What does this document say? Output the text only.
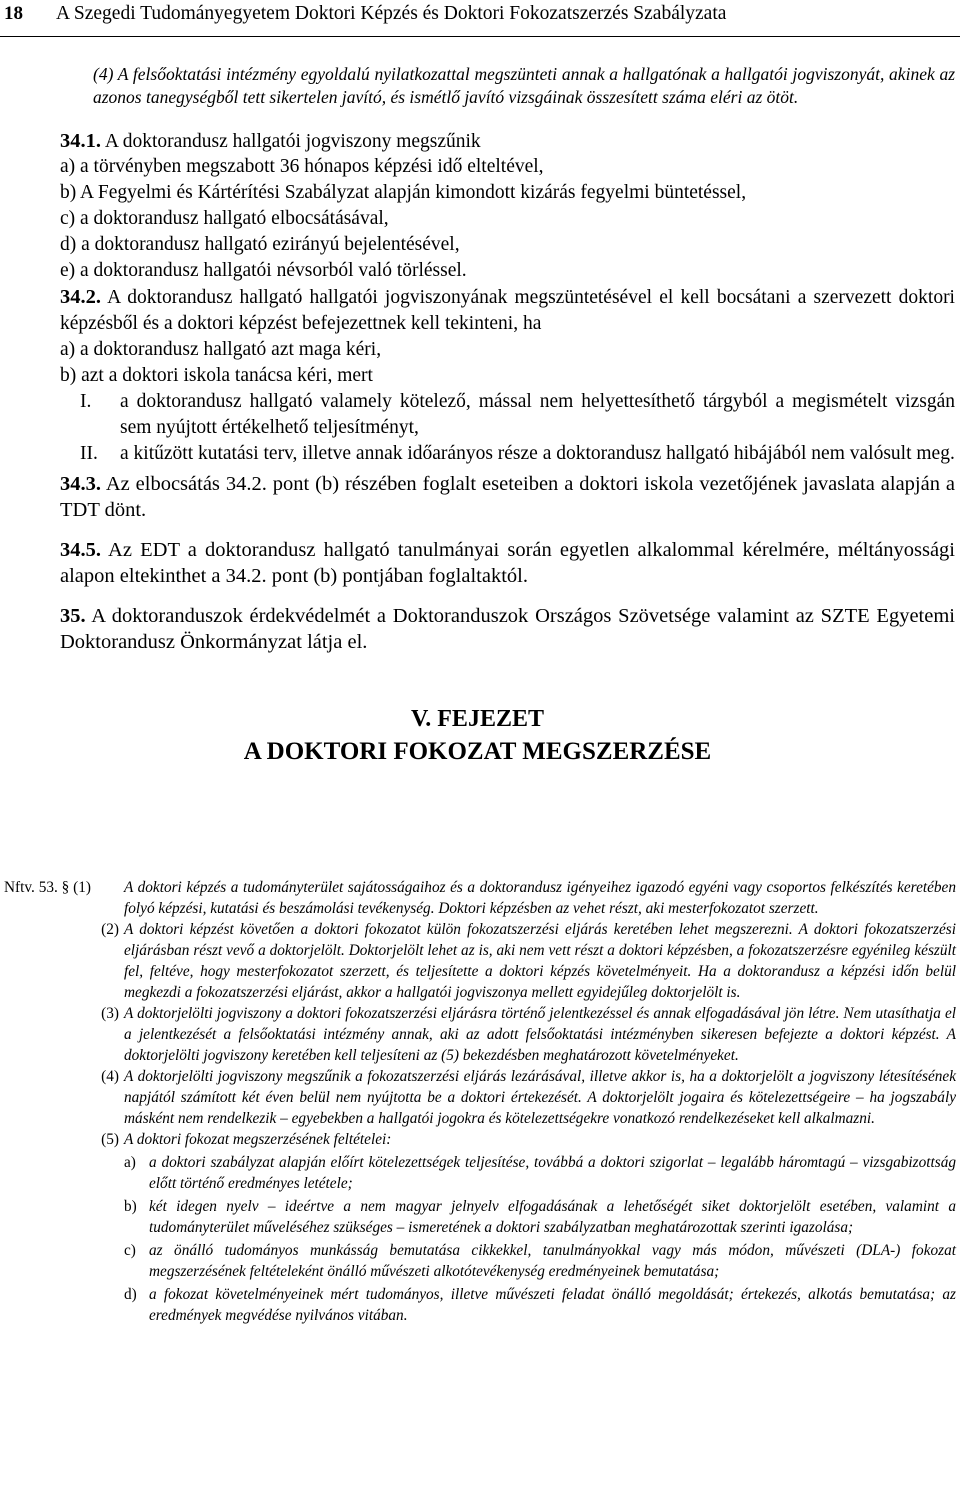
18 A Szegedi Tudományegyetem Doktori Képzés és Doktori Fokozatszerzés Szabályzata

(4) A felsőoktatási intézmény egyoldalú nyilatkozattal megszünteti annak a hallgatónak a hallgatói jogviszonyát, akinek az azonos tanegységből tett sikertelen javító, és ismétlő javító vizsgáinak összesített száma eléri az ötöt.

34.1. A doktorandusz hallgatói jogviszony megszűnik

a) a törvényben megszabott 36 hónapos képzési idő elteltével,
b) A Fegyelmi és Kártérítési Szabályzat alapján kimondott kizárás fegyelmi büntetéssel,
c) a doktorandusz hallgató elbocsátásával,
d) a doktorandusz hallgató ezirányú bejelentésével,
e) a doktorandusz hallgatói névsorból való törléssel.

34.2. A doktorandusz hallgató hallgatói jogviszonyának megszüntetésével el kell bocsátani a szervezett doktori képzésből és a doktori képzést befejezettnek kell tekinteni, ha

a) a doktorandusz hallgató azt maga kéri,
b) azt a doktori iskola tanácsa kéri, mert
I.	a doktorandusz hallgató valamely kötelező, mással nem helyettesíthető tárgyból a megismételt vizsgán sem nyújtott értékelhető teljesítményt,
II.	a kitűzött kutatási terv, illetve annak időarányos része a doktorandusz hallgató hibájából nem valósult meg.

34.3. Az elbocsátás 34.2. pont (b) részében foglalt eseteiben a doktori iskola vezetőjének javaslata alapján a TDT dönt.

34.5. Az EDT a doktorandusz hallgató tanulmányai során egyetlen alkalommal kérelmére, méltányossági alapon eltekinthet a 34.2. pont (b) pontjában foglaltaktól.

35. A doktoranduszok érdekvédelmét a Doktoranduszok Országos Szövetsége valamint az SZTE Egyetemi Doktorandusz Önkormányzat látja el.

V. FEJEZET
A DOKTORI FOKOZAT MEGSZERZÉSE
Nftv. 53. § (1)	A doktori képzés a tudományterület sajátosságaihoz és a doktorandusz igényeihez igazodó egyéni vagy csoportos felkészítés keretében folyó képzési, kutatási és beszámolási tevékenység. Doktori képzésben az vehet részt, aki mesterfokozatot szerzett.
(2) A doktori képzést követően a doktori fokozatot külön fokozatszerzési eljárás keretében lehet megszerezni. A doktori fokozatszerzési eljárásban részt vevő a doktorjelölt. Doktorjelölt lehet az is, aki nem vett részt a doktori képzésben, a fokozatszerzésre egyénileg készült fel, feltéve, hogy mesterfokozatot szerzett, és teljesítette a doktori képzés követelményeit. Ha a doktorandusz a képzési időn belül megkezdi a fokozatszerzési eljárást, akkor a hallgatói jogviszonya mellett egyidejűleg doktorjelölt is.
(3) A doktorjelölti jogviszony a doktori fokozatszerzési eljárásra történő jelentkezéssel és annak elfogadásával jön létre. Nem utasíthatja el a jelentkezését a felsőoktatási intézmény annak, aki az adott felsőoktatási intézményben sikeresen befejezte a doktori képzést. A doktorjelölti jogviszony keretében kell teljesíteni az (5) bekezdésben meghatározott követelményeket.
(4) A doktorjelölti jogviszony megszűnik a fokozatszerzési eljárás lezárásával, illetve akkor is, ha a doktorjelölt a jogviszony létesítésének napjától számított két éven belül nem nyújtotta be a doktori értekezését. A doktorjelölt jogaira és kötelezettségeire – ha jogszabály másként nem rendelkezik – egyebekben a hallgatói jogokra és kötelezettségekre vonatkozó rendelkezéseket kell alkalmazni.
(5) A doktori fokozat megszerzésének feltételei:
a) a doktori szabályzat alapján előírt kötelezettségek teljesítése, továbbá a doktori szigorlat – legalább háromtagú – vizsgabizottság előtt történő eredményes letétele;
b) két idegen nyelv – ideértve a nem magyar jelnyelv elfogadásának a lehetőségét siket doktorjelölt esetében, valamint a tudományterület műveléséhez szükséges – ismeretének a doktori szabályzatban meghatározottak szerinti igazolása;
c) az önálló tudományos munkásság bemutatása cikkekkel, tanulmányokkal vagy más módon, művészeti (DLA-) fokozat megszerzésének feltételeként önálló művészeti alkotótevékenység eredményeinek bemutatása;
d) a fokozat követelményeinek mért tudományos, illetve művészeti feladat önálló megoldását; értekezés, alkotás bemutatása; az eredmények megvédése nyilvános vitában.
